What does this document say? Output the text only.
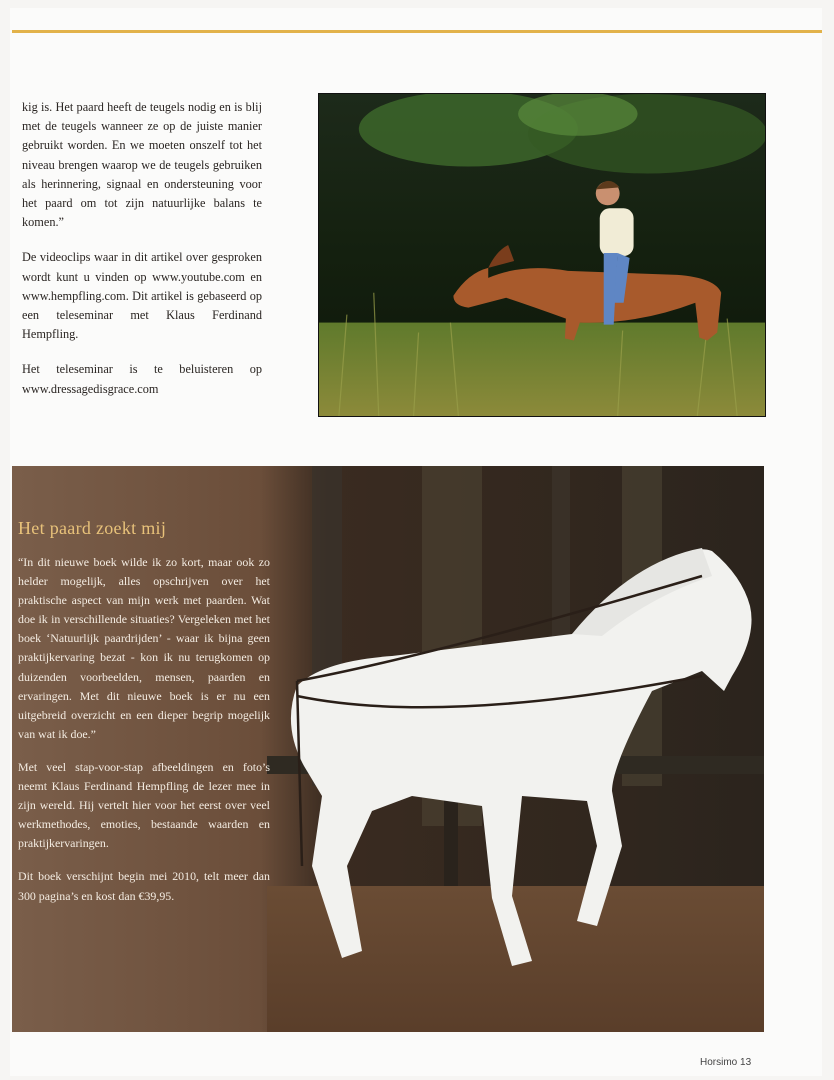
kig is. Het paard heeft de teugels nodig en is blij met de teugels wanneer ze op de juiste manier gebruikt worden. En we moeten onszelf tot het niveau brengen waarop we de teugels gebruiken als herinnering, signaal en ondersteuning voor het paard om tot zijn natuurlijke balans te komen.”

De videoclips waar in dit artikel over gesproken wordt kunt u vinden op www.youtube.com en www.hempfling.com. Dit artikel is gebaseerd op een teleseminar met Klaus Ferdinand Hempfling.

Het teleseminar is te beluisteren op www.dressagedisgrace.com

Het paard zoekt mij

“In dit nieuwe boek wilde ik zo kort, maar ook zo helder mogelijk, alles opschrijven over het praktische aspect van mijn werk met paarden. Wat doe ik in verschillende situaties? Vergeleken met het boek ‘Natuurlijk paardrijden’ - waar ik bijna geen praktijkervaring bezat - kon ik nu terugkomen op duizenden voorbeelden, mensen, paarden en ervaringen. Met dit nieuwe boek is er nu een uitgebreid overzicht en een dieper begrip mogelijk van wat ik doe.”

Met veel stap-voor-stap afbeeldingen en foto’s neemt Klaus Ferdinand Hempfling de lezer mee in zijn wereld. Hij vertelt hier voor het eerst over veel werkmethodes, emoties, bestaande waarden en praktijkervaringen.

Dit boek verschijnt begin mei 2010, telt meer dan 300 pagina’s en kost dan €39,95.

Horsimo 13
